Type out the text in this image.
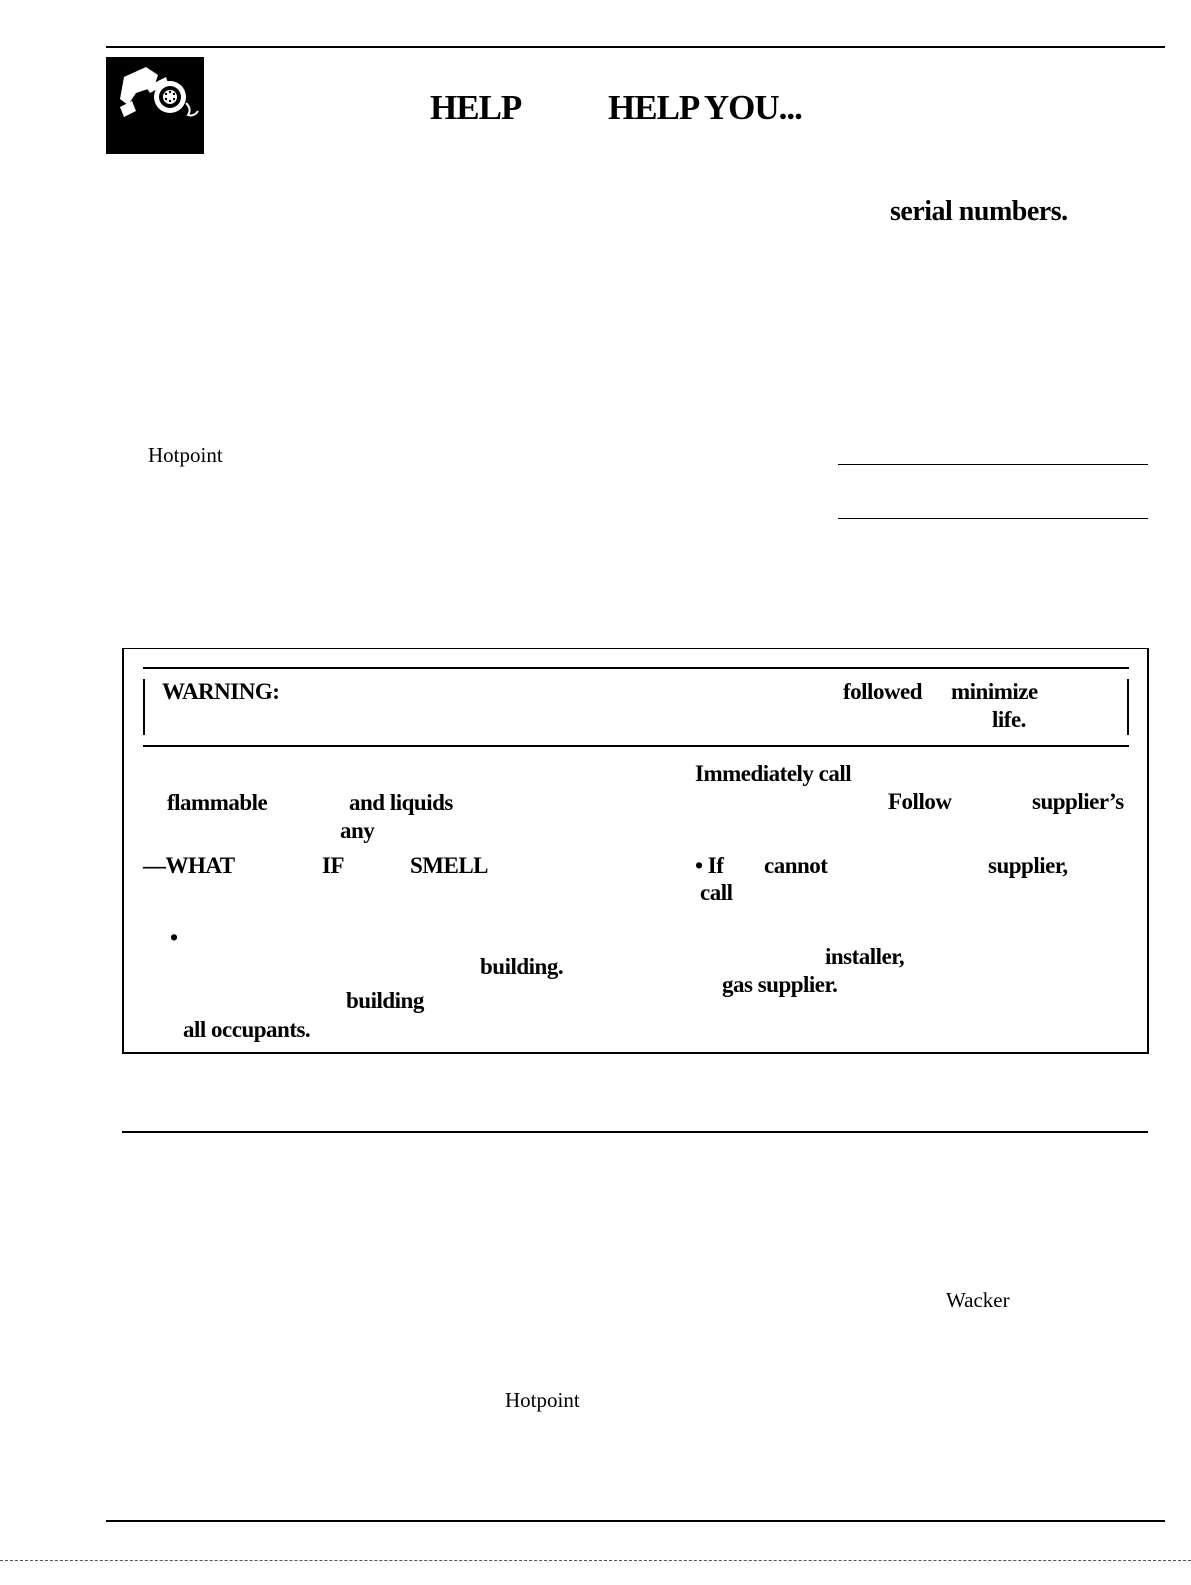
HELP HELP YOU...
serial numbers.
Hotpoint
WARNING:	followed minimize
life.
flammable	and liquids
any
—WHAT	IF	SMELL
•
building.
building
all occupants.
Immediately call
Follow	supplier’s
• If cannot	supplier,
call
installer,
gas supplier.
Wacker
Hotpoint
